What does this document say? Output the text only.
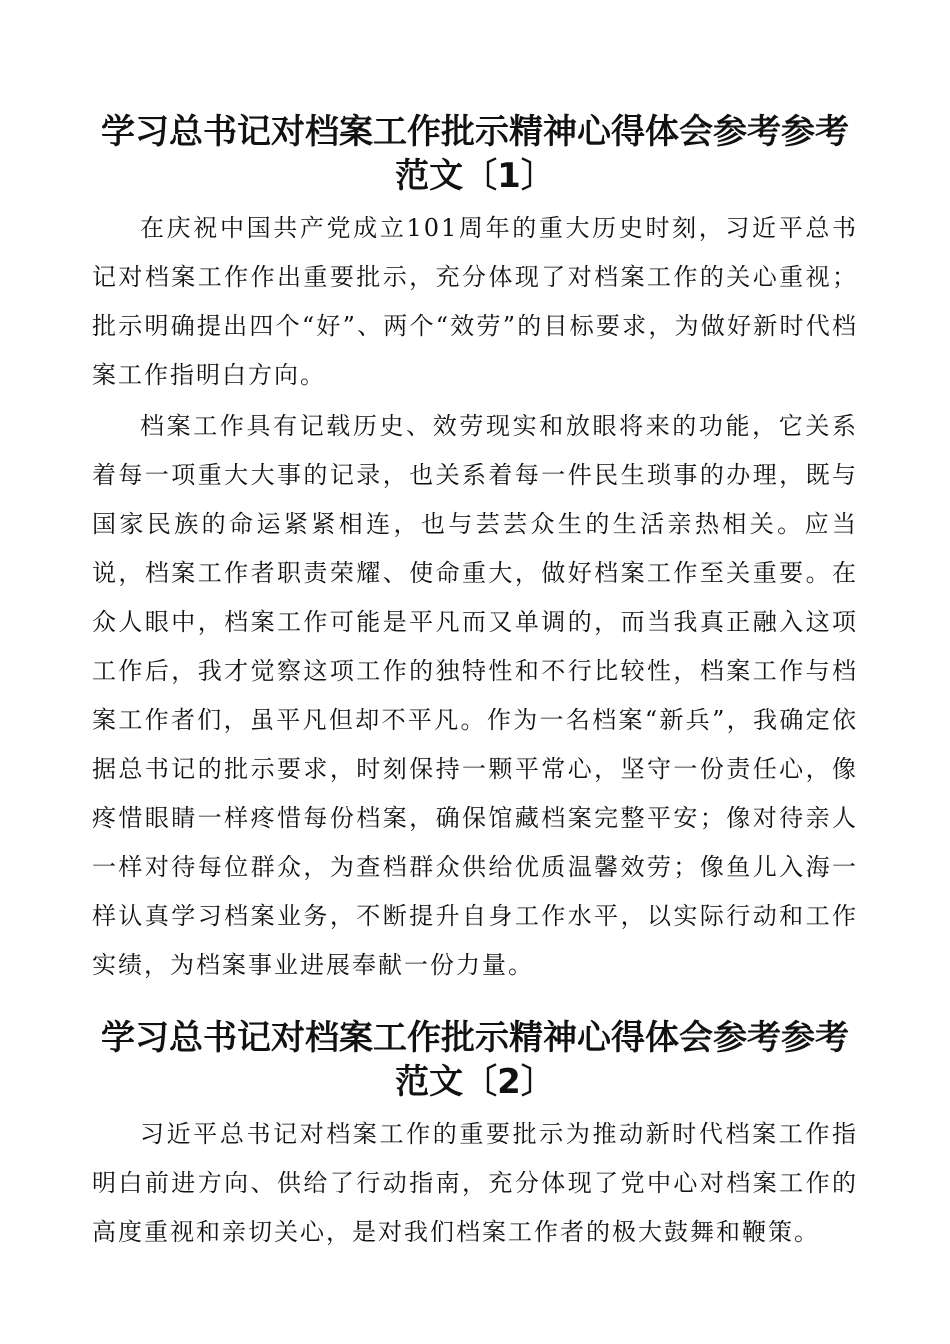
学习总书记对档案工作批示精神心得体会参考参考范文〔1〕

在庆祝中国共产党成立101周年的重大历史时刻，习近平总书记对档案工作作出重要批示，充分体现了对档案工作的关心重视；批示明确提出四个“好”、两个“效劳”的目标要求，为做好新时代档案工作指明白方向。

档案工作具有记载历史、效劳现实和放眼将来的功能，它关系着每一项重大大事的记录，也关系着每一件民生琐事的办理，既与国家民族的命运紧紧相连，也与芸芸众生的生活亲热相关。应当说，档案工作者职责荣耀、使命重大，做好档案工作至关重要。在众人眼中，档案工作可能是平凡而又单调的，而当我真正融入这项工作后，我才觉察这项工作的独特性和不行比较性，档案工作与档案工作者们，虽平凡但却不平凡。作为一名档案“新兵”，我确定依据总书记的批示要求，时刻保持一颗平常心，坚守一份责任心，像疼惜眼睛一样疼惜每份档案，确保馆藏档案完整平安；像对待亲人一样对待每位群众，为查档群众供给优质温馨效劳；像鱼儿入海一样认真学习档案业务，不断提升自身工作水平，以实际行动和工作实绩，为档案事业进展奉献一份力量。

学习总书记对档案工作批示精神心得体会参考参考范文〔2〕

习近平总书记对档案工作的重要批示为推动新时代档案工作指明白前进方向、供给了行动指南，充分体现了党中心对档案工作的高度重视和亲切关心，是对我们档案工作者的极大鼓舞和鞭策。
